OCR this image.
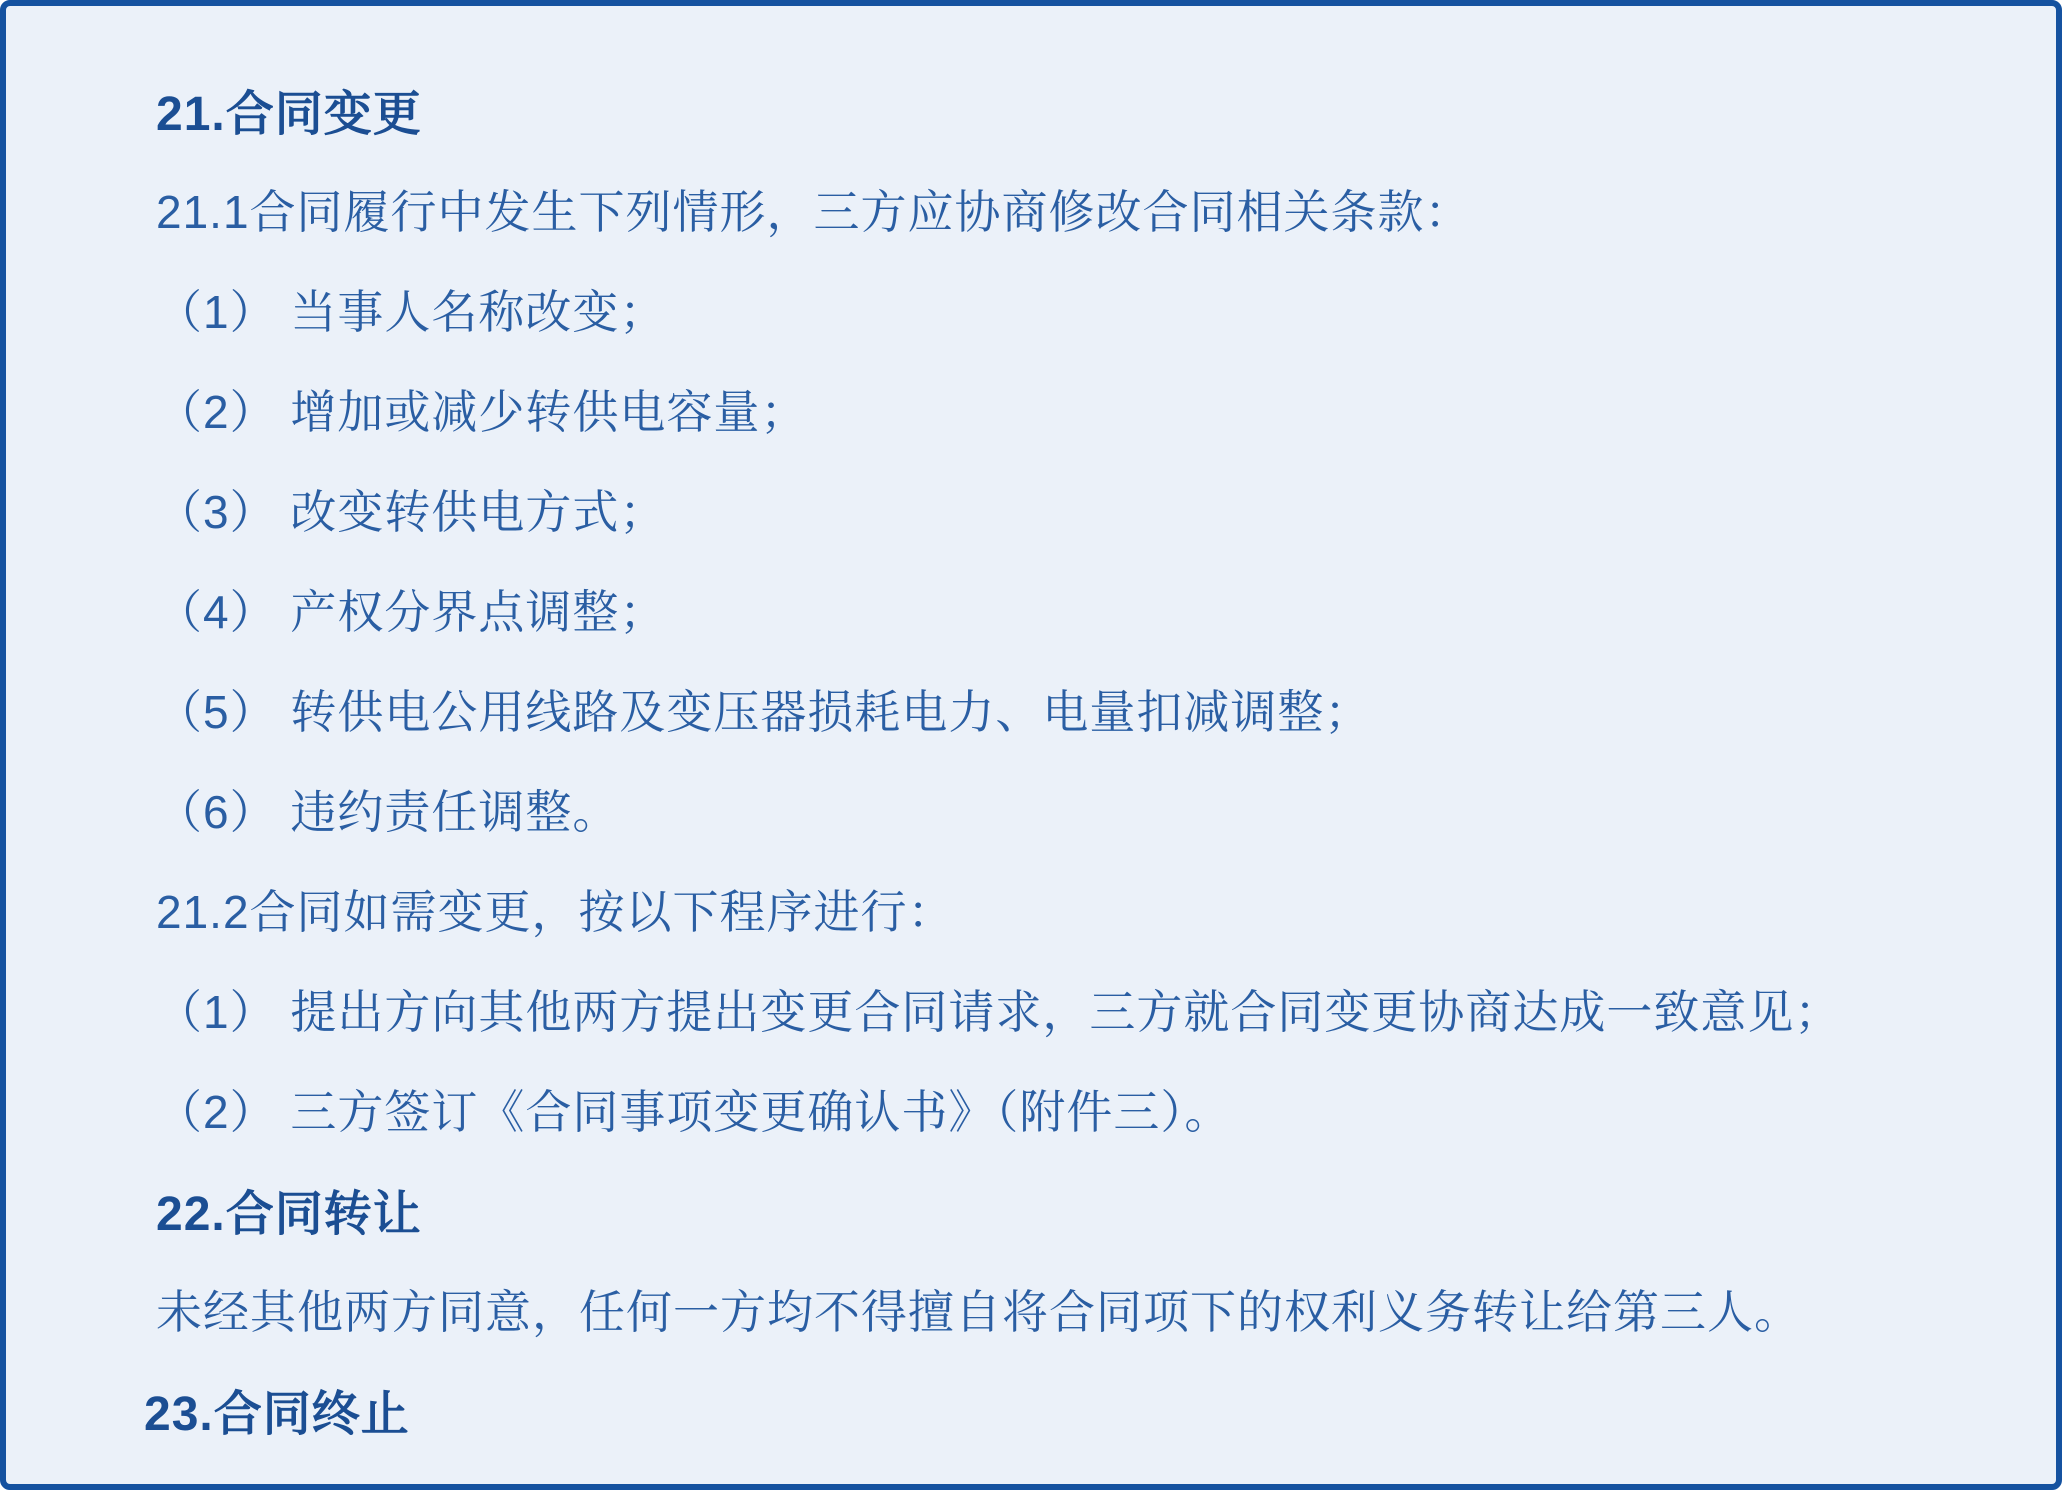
21.合同变更
21.1合同履行中发生下列情形，三方应协商修改合同相关条款：
（1） 当事人名称改变；
（2） 增加或减少转供电容量；
（3） 改变转供电方式；
（4） 产权分界点调整；
（5） 转供电公用线路及变压器损耗电力、电量扣减调整；
（6） 违约责任调整。
21.2合同如需变更，按以下程序进行：
（1） 提出方向其他两方提出变更合同请求，三方就合同变更协商达成一致意见；
（2） 三方签订《合同事项变更确认书》（附件三）。
22.合同转让
未经其他两方同意，任何一方均不得擅自将合同项下的权利义务转让给第三人。
23.合同终止
